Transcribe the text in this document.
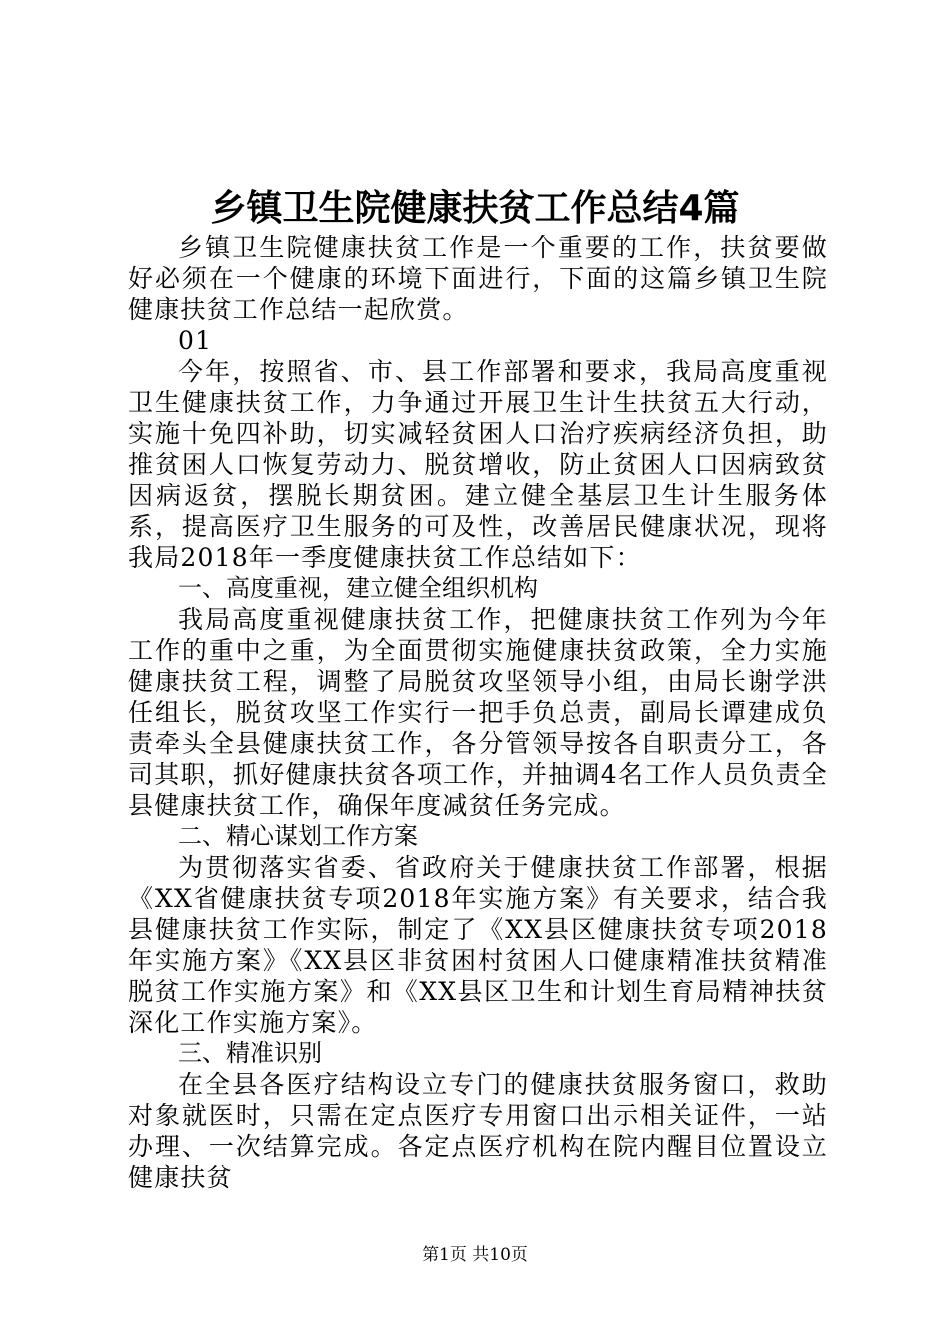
乡镇卫生院健康扶贫工作总结4篇

乡镇卫生院健康扶贫工作是一个重要的工作，扶贫要做好必须在一个健康的环境下面进行，下面的这篇乡镇卫生院健康扶贫工作总结一起欣赏。

01

今年，按照省、市、县工作部署和要求，我局高度重视卫生健康扶贫工作，力争通过开展卫生计生扶贫五大行动，实施十免四补助，切实减轻贫困人口治疗疾病经济负担，助推贫困人口恢复劳动力、脱贫增收，防止贫困人口因病致贫因病返贫，摆脱长期贫困。建立健全基层卫生计生服务体系，提高医疗卫生服务的可及性，改善居民健康状况，现将我局2018年一季度健康扶贫工作总结如下：

一、高度重视，建立健全组织机构

我局高度重视健康扶贫工作，把健康扶贫工作列为今年工作的重中之重，为全面贯彻实施健康扶贫政策，全力实施健康扶贫工程，调整了局脱贫攻坚领导小组，由局长谢学洪任组长，脱贫攻坚工作实行一把手负总责，副局长谭建成负责牵头全县健康扶贫工作，各分管领导按各自职责分工，各司其职，抓好健康扶贫各项工作，并抽调4名工作人员负责全县健康扶贫工作，确保年度减贫任务完成。

二、精心谋划工作方案

为贯彻落实省委、省政府关于健康扶贫工作部署，根据《XX省健康扶贫专项2018年实施方案》有关要求，结合我县健康扶贫工作实际，制定了《XX县区健康扶贫专项2018年实施方案》《XX县区非贫困村贫困人口健康精准扶贫精准脱贫工作实施方案》和《XX县区卫生和计划生育局精神扶贫深化工作实施方案》。

三、精准识别

在全县各医疗结构设立专门的健康扶贫服务窗口，救助对象就医时，只需在定点医疗专用窗口出示相关证件，一站办理、一次结算完成。各定点医疗机构在院内醒目位置设立健康扶贫

第1页 共10页
